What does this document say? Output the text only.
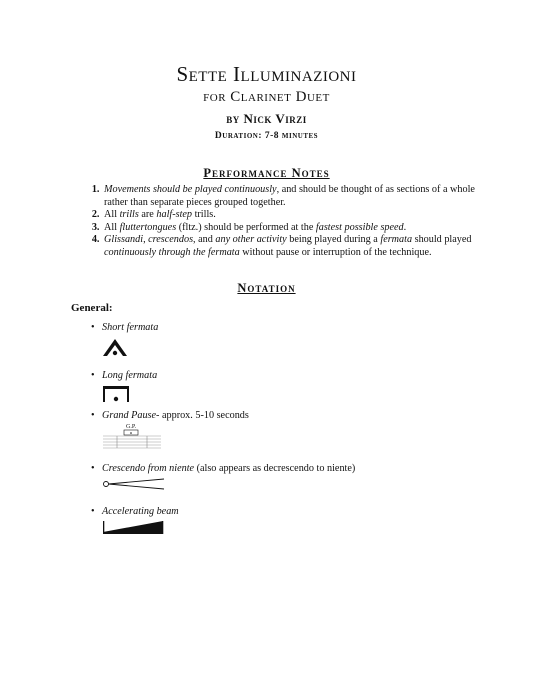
Sette Illuminazioni
for Clarinet Duet
by Nick Virzi
Duration: 7-8 minutes
Performance Notes
1. Movements should be played continuously, and should be thought of as sections of a whole rather than separate pieces grouped together.
2. All trills are half-step trills.
3. All fluttertongues (fltz.) should be performed at the fastest possible speed.
4. Glissandi, crescendos, and any other activity being played during a fermata should played continuously through the fermata without pause or interruption of the technique.
Notation
General:
• Short fermata
• Long fermata
• Grand Pause- approx. 5-10 seconds
G.P.
• Crescendo from niente (also appears as decrescendo to niente)
• Accelerating beam
